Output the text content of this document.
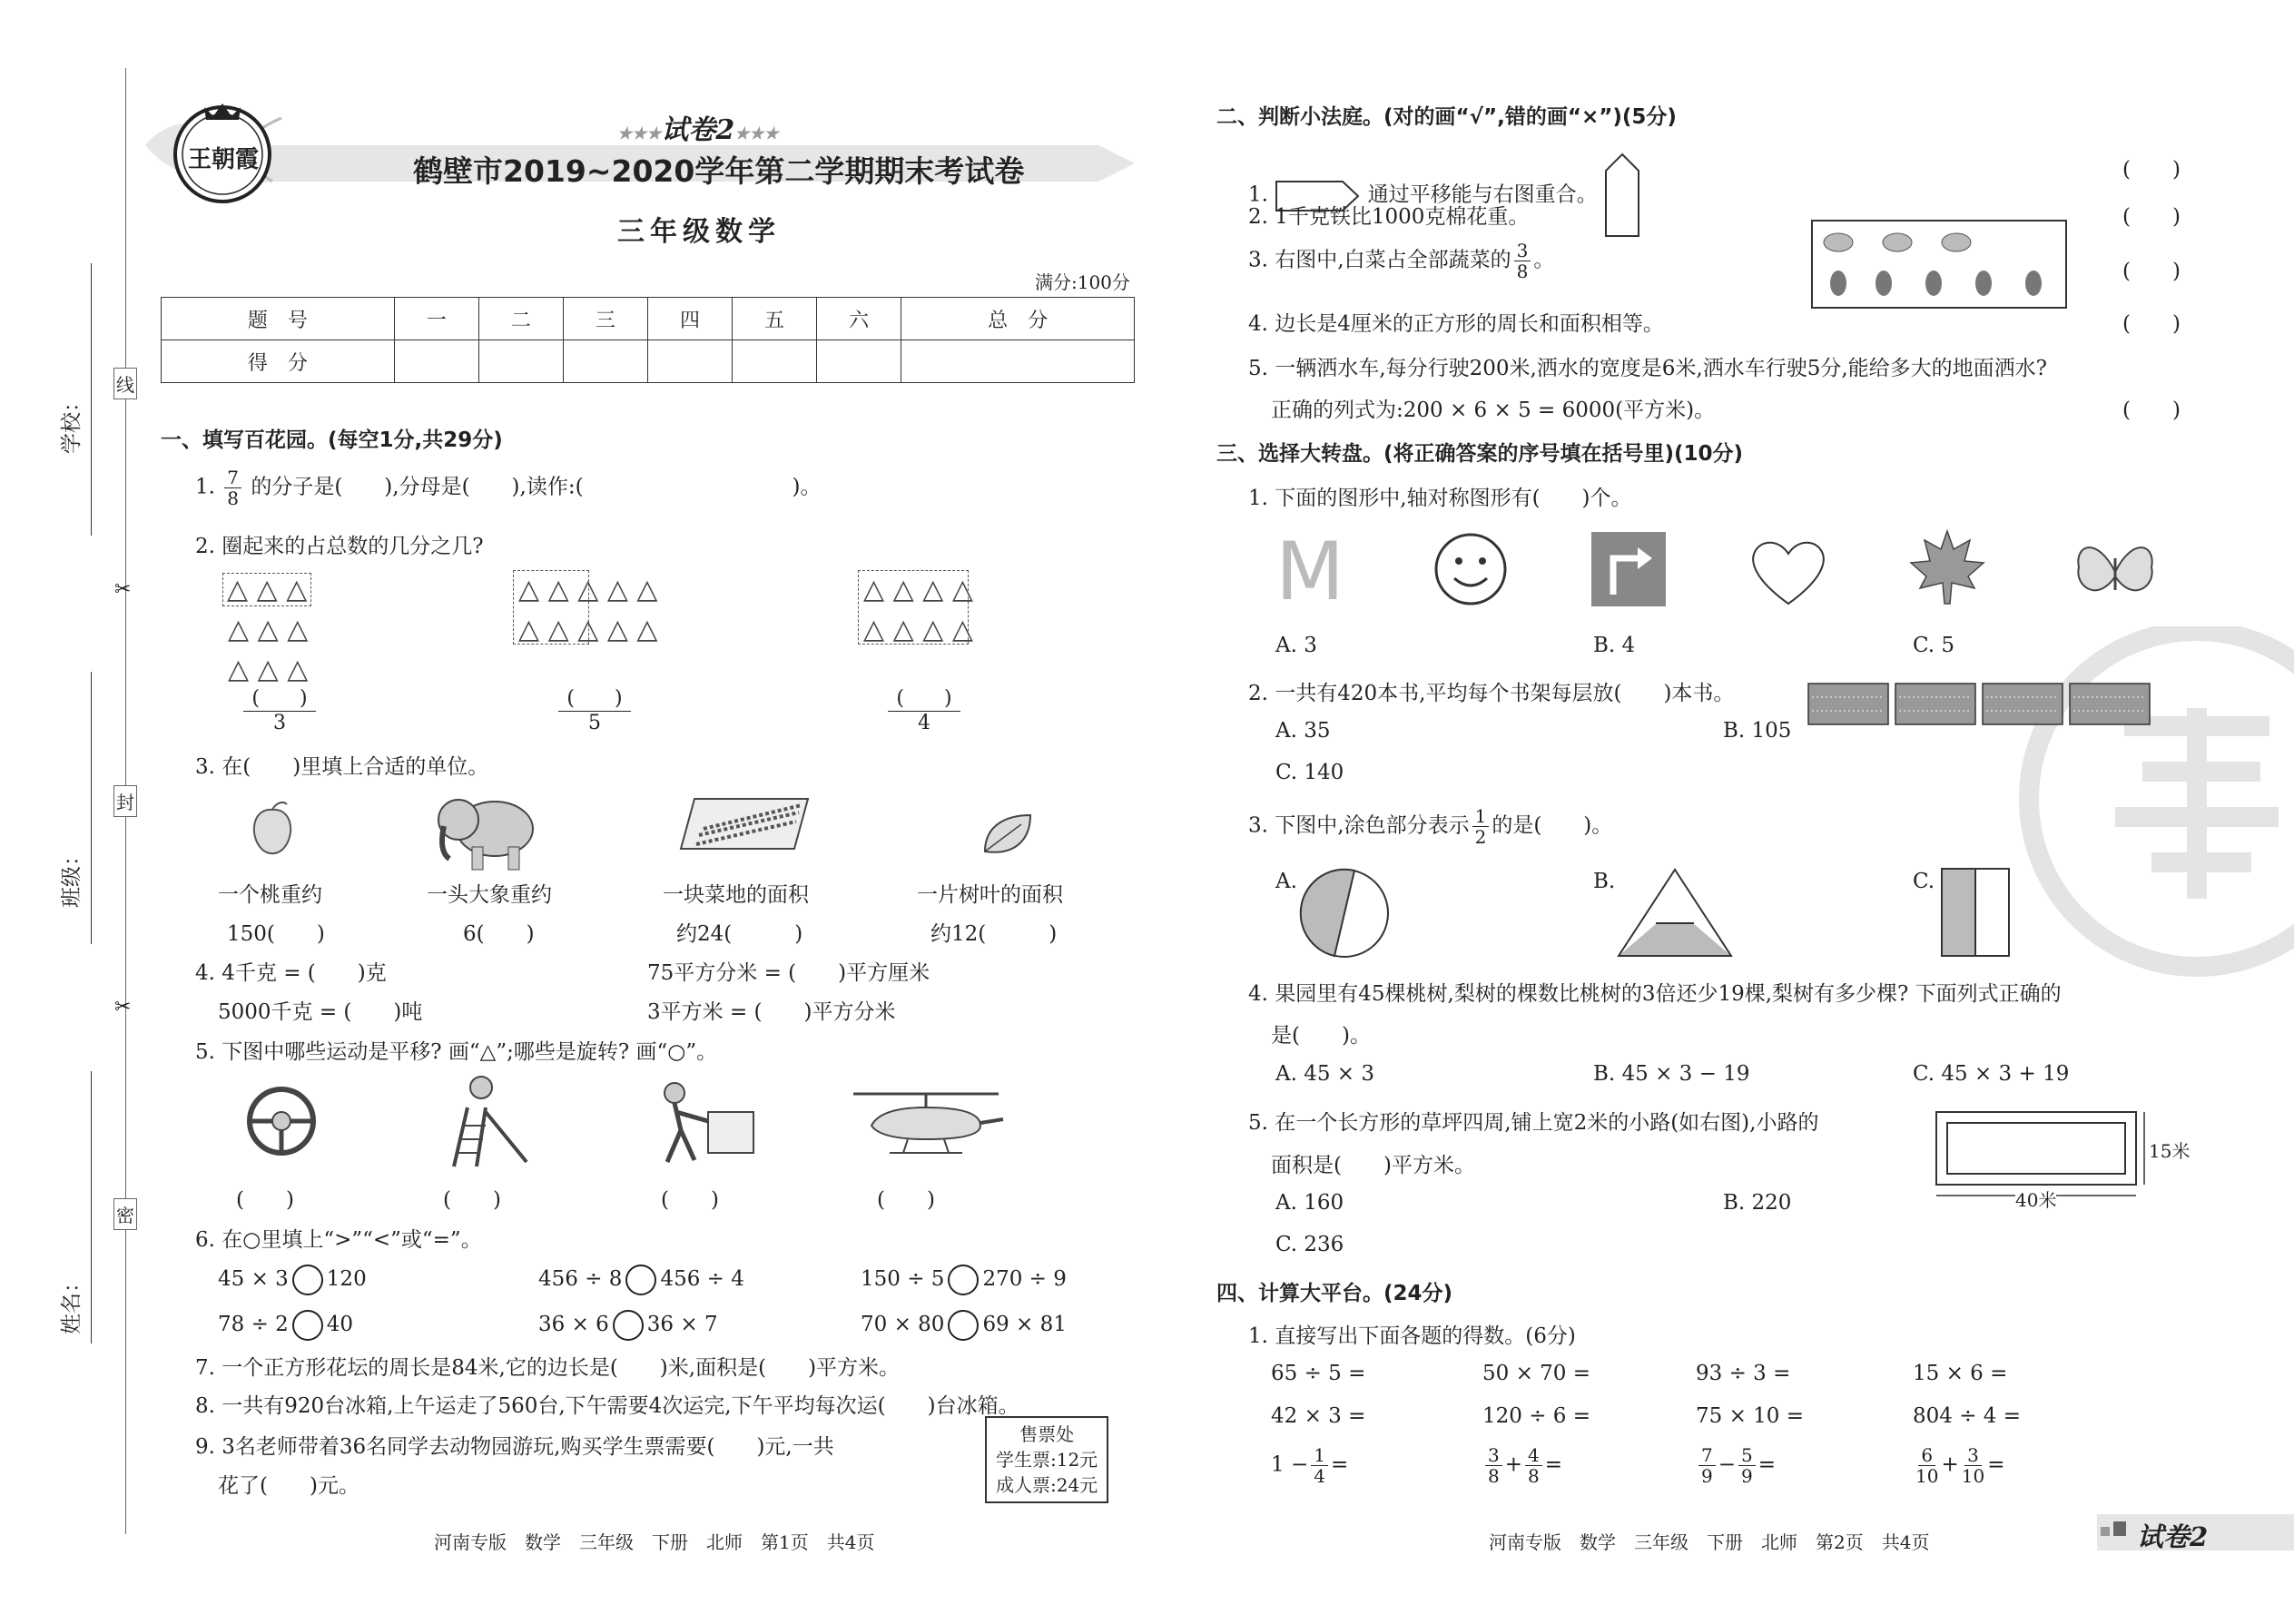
学校：
班级：
姓名：
线
封
密
✂
✂
王朝霞
★★★试卷2★★★
鹤壁市2019~2020学年第二学期期末考试卷
三年级数学
满分:100分
题　号	一	二	三	四	五	六	总　分
得　分							
一、填写百花园。(每空1分,共29分)
1. $\frac{7}{8}$ 的分子是(　　),分母是(　　),读作:(　　　　　　　　　　)。
2. 圈起来的占总数的几分之几?
△ △ △
△ △ △
△ △ △
△ △ △ △ △
△ △ △ △ △
△ △ △ △
△ △ △ △
(　　)
3
(　　)
5
(　　)
4
3. 在(　　)里填上合适的单位。
一个桃重约	一头大象重约	一块菜地的面积	一片树叶的面积
150(　　)	6(　　)	约24(　　　)	约12(　　　)
4. 4千克 = (　　)克	75平方分米 = (　　)平方厘米
5000千克 = (　　)吨	3平方米 = (　　)平方分米
5. 下图中哪些运动是平移? 画“△”;哪些是旋转? 画“○”。
(　　)	(　　)	(　　)	(　　)
6. 在○里填上“>”“<”或“=”。
45 × 3 120	456 ÷ 8 456 ÷ 4	150 ÷ 5 270 ÷ 9
78 ÷ 2 40	36 × 6 36 × 7	70 × 80 69 × 81
7. 一个正方形花坛的周长是84米,它的边长是(　　)米,面积是(　　)平方米。
8. 一共有920台冰箱,上午运走了560台,下午需要4次运完,下午平均每次运(　　)台冰箱。
9. 3名老师带着36名同学去动物园游玩,购买学生票需要(　　)元,一共
花了(　　)元。
售票处
学生票:12元
成人票:24元
河南专版　数学　三年级　下册　北师　第1页　共4页
二、判断小法庭。(对的画“√”,错的画“×”)(5分)
1.	通过平移能与右图重合。
2. 1千克铁比1000克棉花重。
3. 右图中,白菜占全部蔬菜的 $\frac{3}{8}$ 。
4. 边长是4厘米的正方形的周长和面积相等。
5. 一辆洒水车,每分行驶200米,洒水的宽度是6米,洒水车行驶5分,能给多大的地面洒水?
正确的列式为:200 × 6 × 5 = 6000(平方米)。
(　　)
(　　)
(　　)
(　　)
(　　)
三、选择大转盘。(将正确答案的序号填在括号里)(10分)
1. 下面的图形中,轴对称图形有(　　)个。
M
A. 3	B. 4	C. 5
2. 一共有420本书,平均每个书架每层放(　　)本书。
A. 35	B. 105
C. 140
3. 下图中,涂色部分表示 $\frac{1}{2}$ 的是(　　)。
A.	B.	C.
4. 果园里有45棵桃树,梨树的棵数比桃树的3倍还少19棵,梨树有多少棵? 下面列式正确的
是(　　)。
A. 45 × 3	B. 45 × 3 − 19	C. 45 × 3 + 19
5. 在一个长方形的草坪四周,铺上宽2米的小路(如右图),小路的
面积是(　　)平方米。
15米
40米
A. 160	B. 220
C. 236
四、计算大平台。(24分)
1. 直接写出下面各题的得数。(6分)
65 ÷ 5 =	50 × 70 =	93 ÷ 3 =	15 × 6 =
42 × 3 =	120 ÷ 6 =	75 × 10 =	804 ÷ 4 =
$1 - \frac{1}{4}$ =	$\frac{3}{8} + \frac{4}{8}$ =	$\frac{7}{9} - \frac{5}{9}$ =	$\frac{6}{10} + \frac{3}{10}$ =
河南专版　数学　三年级　下册　北师　第2页　共4页	试卷2
